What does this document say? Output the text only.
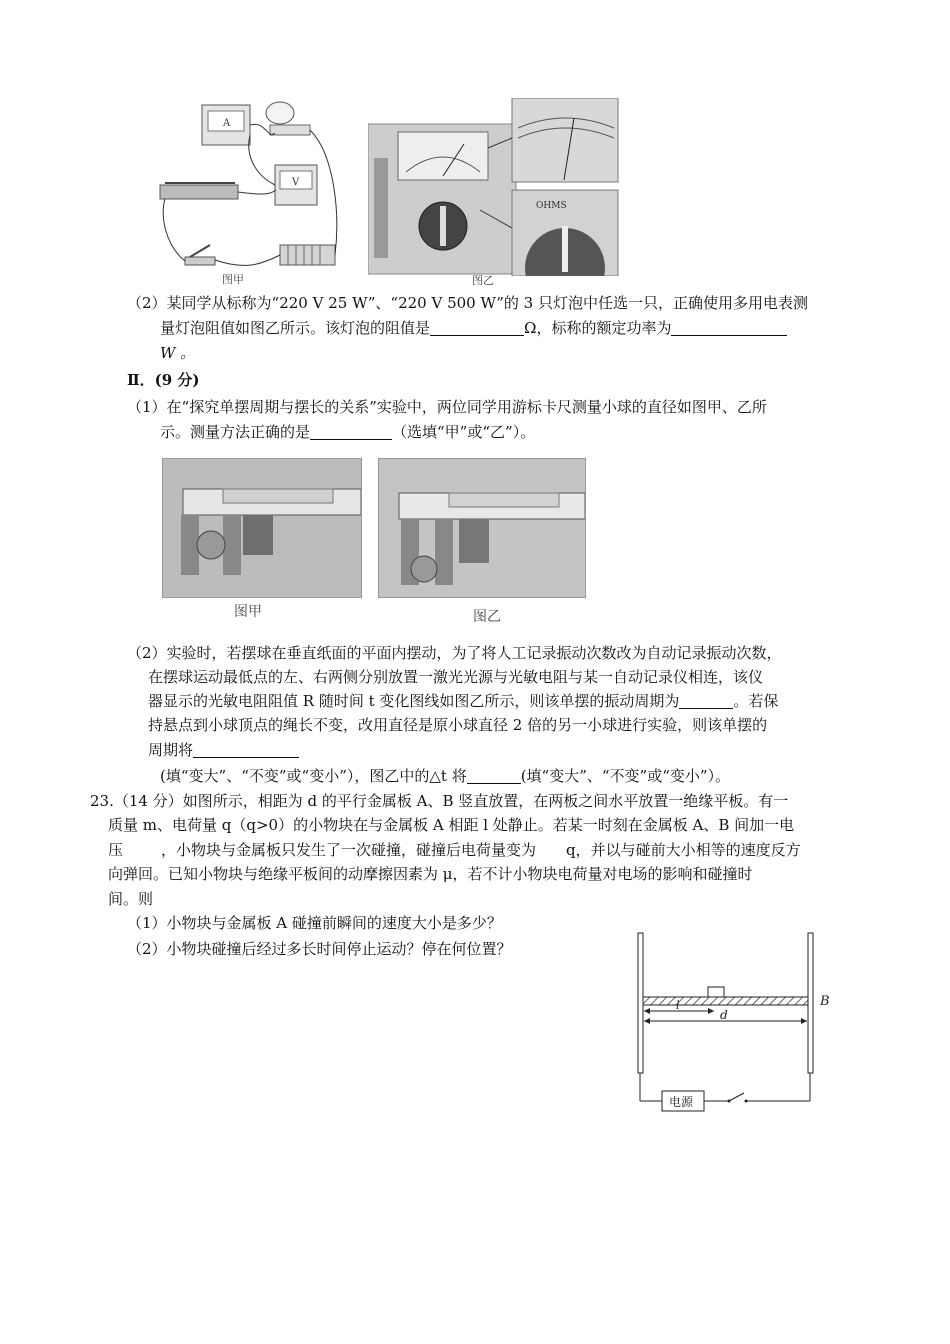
A
V
图甲
OHMS
图乙
（2）某同学从标称为“220 V 25 W”、“220 V 500 W”的 3 只灯泡中任选一只，正确使用多用电表测
量灯泡阻值如图乙所示。该灯泡的阻值是	Ω，标称的额定功率为
W 。
Ⅱ．(9 分)
（1）在“探究单摆周期与摆长的关系”实验中，两位同学用游标卡尺测量小球的直径如图甲、乙所
示。测量方法正确的是	（选填“甲”或“乙”）。
图甲	图乙
（2）实验时，若摆球在垂直纸面的平面内摆动，为了将人工记录振动次数改为自动记录振动次数，
在摆球运动最低点的左、右两侧分别放置一激光光源与光敏电阻与某一自动记录仪相连，该仪
器显示的光敏电阻阻值 R 随时间 t 变化图线如图乙所示，则该单摆的振动周期为	。若保
持悬点到小球顶点的绳长不变，改用直径是原小球直径 2 倍的另一小球进行实验，则该单摆的
周期将
(填“变大”、“不变”或“变小”），图乙中的△t 将	(填“变大”、“不变”或“变小”）。
23.（14 分）如图所示，相距为 d 的平行金属板 A、B 竖直放置，在两板之间水平放置一绝缘平板。有一
质量 m、电荷量 q（q>0）的小物块在与金属板 A 相距 l 处静止。若某一时刻在金属板 A、B 间加一电
压	，小物块与金属板只发生了一次碰撞，碰撞后电荷量变为 q，并以与碰前大小相等的速度反方
向弹回。已知小物块与绝缘平板间的动摩擦因素为 μ，若不计小物块电荷量对电场的影响和碰撞时
间。则
（1）小物块与金属板 A 碰撞前瞬间的速度大小是多少？
（2）小物块碰撞后经过多长时间停止运动？停在何位置？
l
d
B
电源
